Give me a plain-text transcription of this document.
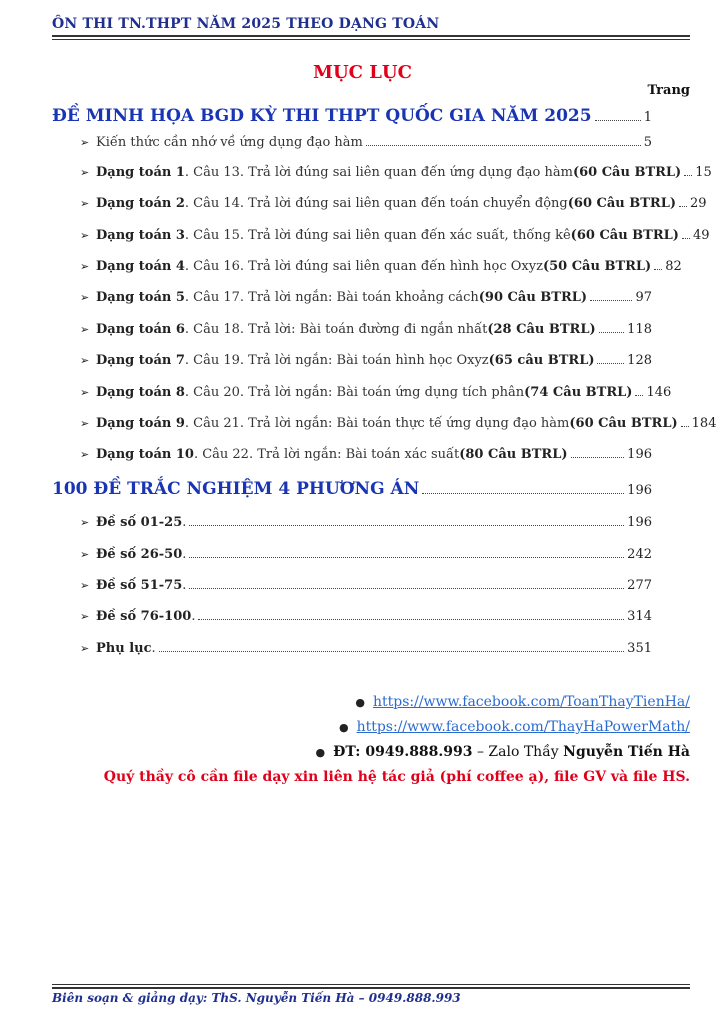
ÔN THI TN.THPT NĂM 2025 THEO DẠNG TOÁN
MỤC LỤC
Trang
ĐỀ MINH HỌA BGD KỲ THI THPT QUỐC GIA NĂM 2025	1
➢ Kiến thức cần nhớ về ứng dụng đạo hàm	5
➢ Dạng toán 1 . Câu 13. Trả lời đúng sai liên quan đến ứng dụng đạo hàm (60 Câu BTRL) 15
➢ Dạng toán 2 . Câu 14. Trả lời đúng sai liên quan đến toán chuyển động (60 Câu BTRL) 29
➢ Dạng toán 3 . Câu 15. Trả lời đúng sai liên quan đến xác suất, thống kê (60 Câu BTRL) 49
➢ Dạng toán 4 . Câu 16. Trả lời đúng sai liên quan đến hình học Oxyz (50 Câu BTRL) 82
➢ Dạng toán 5 . Câu 17. Trả lời ngắn: Bài toán khoảng cách (90 Câu BTRL)	97
➢ Dạng toán 6 . Câu 18. Trả lời: Bài toán đường đi ngắn nhất (28 Câu BTRL) 118
➢ Dạng toán 7 . Câu 19. Trả lời ngắn: Bài toán hình học Oxyz (65 câu BTRL)	128
➢ Dạng toán 8 . Câu 20. Trả lời ngắn: Bài toán ứng dụng tích phân (74 Câu BTRL) 146
➢ Dạng toán 9 . Câu 21. Trả lời ngắn: Bài toán thực tế ứng dụng đạo hàm (60 Câu BTRL) 184
➢ Dạng toán 10 . Câu 22. Trả lời ngắn: Bài toán xác suất (80 Câu BTRL)	196
100 ĐỀ TRẮC NGHIỆM 4 PHƯƠNG ÁN	196
➢ Đề số 01-25 .	196
➢ Đề số 26-50 .	242
➢ Đề số 51-75 .	277
➢ Đề số 76-100 .	314
➢ Phụ lục .	351
● https://www.facebook.com/ToanThayTienHa/
● https://www.facebook.com/ThayHaPowerMath/
● ĐT: 0949.888.993 – Zalo Thầy Nguyễn Tiến Hà
Quý thầy cô cần file dạy xin liên hệ tác giả (phí coffee ạ), file GV và file HS.
Biên soạn & giảng dạy: ThS. Nguyễn Tiến Hà – 0949.888.993
